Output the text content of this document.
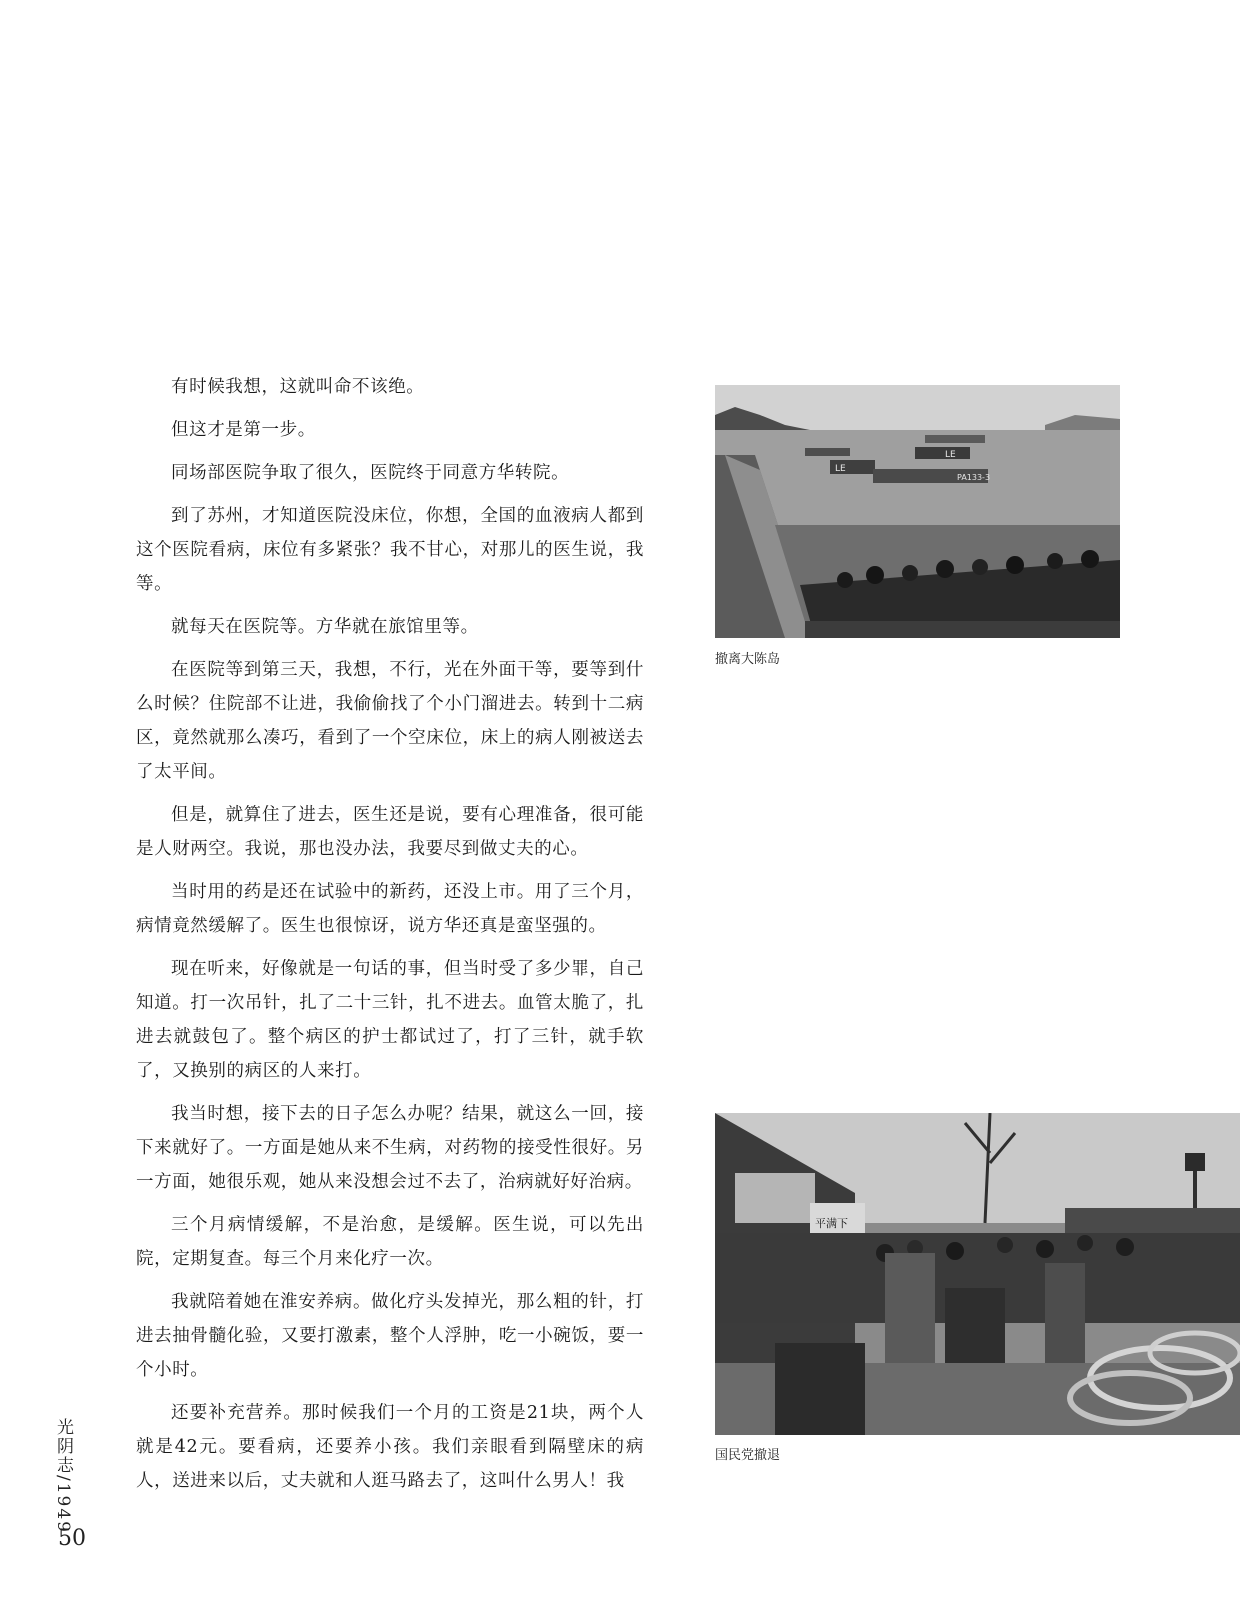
有时候我想，这就叫命不该绝。

但这才是第一步。

同场部医院争取了很久，医院终于同意方华转院。

到了苏州，才知道医院没床位，你想，全国的血液病人都到这个医院看病，床位有多紧张？我不甘心，对那儿的医生说，我等。

就每天在医院等。方华就在旅馆里等。

在医院等到第三天，我想，不行，光在外面干等，要等到什么时候？住院部不让进，我偷偷找了个小门溜进去。转到十二病区，竟然就那么凑巧，看到了一个空床位，床上的病人刚被送去了太平间。

但是，就算住了进去，医生还是说，要有心理准备，很可能是人财两空。我说，那也没办法，我要尽到做丈夫的心。

当时用的药是还在试验中的新药，还没上市。用了三个月，病情竟然缓解了。医生也很惊讶，说方华还真是蛮坚强的。

现在听来，好像就是一句话的事，但当时受了多少罪，自己知道。打一次吊针，扎了二十三针，扎不进去。血管太脆了，扎进去就鼓包了。整个病区的护士都试过了，打了三针，就手软了，又换别的病区的人来打。

我当时想，接下去的日子怎么办呢？结果，就这么一回，接下来就好了。一方面是她从来不生病，对药物的接受性很好。另一方面，她很乐观，她从来没想会过不去了，治病就好好治病。

三个月病情缓解，不是治愈，是缓解。医生说，可以先出院，定期复查。每三个月来化疗一次。

我就陪着她在淮安养病。做化疗头发掉光，那么粗的针，打进去抽骨髓化验，又要打激素，整个人浮肿，吃一小碗饭，要一个小时。

还要补充营养。那时候我们一个月的工资是21块，两个人就是42元。要看病，还要养小孩。我们亲眼看到隔壁床的病人，送进来以后，丈夫就和人逛马路去了，这叫什么男人！我

LE
LE
PA133-3
撤离大陈岛
平满下
国民党撤退
光阴志/1949
50
